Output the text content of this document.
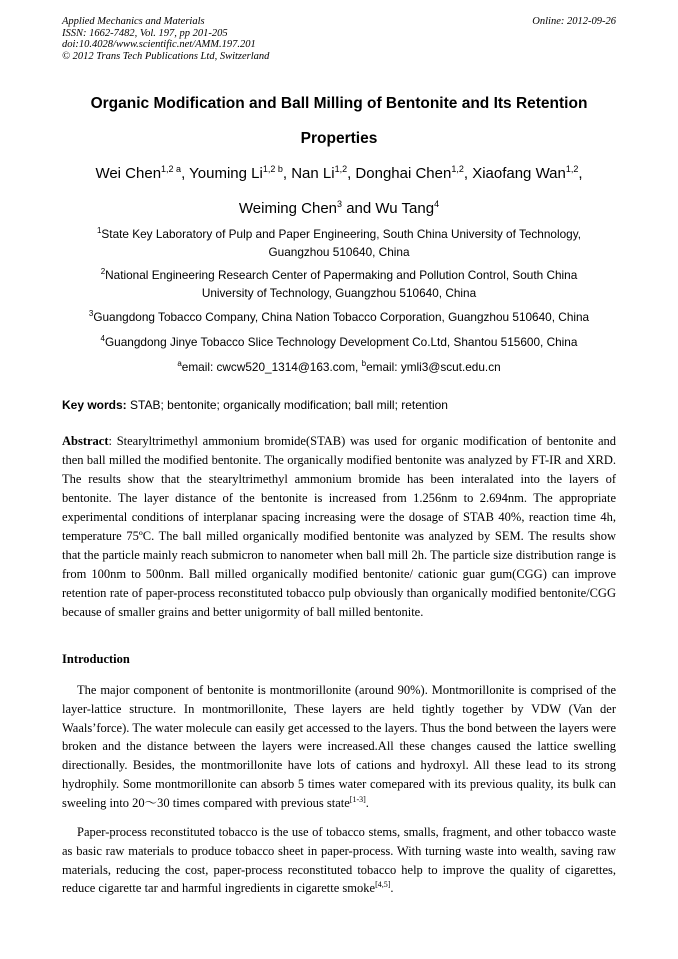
Applied Mechanics and Materials
ISSN: 1662-7482, Vol. 197, pp 201-205
doi:10.4028/www.scientific.net/AMM.197.201
© 2012 Trans Tech Publications Ltd, Switzerland
Online: 2012-09-26
Organic Modification and Ball Milling of Bentonite and Its Retention
Properties
Wei Chen$^{1,2 a}$, Youming $Li^{1,2 b}$, Nan Li$^{1,2}$, Donghai Chen$^{1,2}$, Xiaofang Wan$^{1,2}$,
Weiming Chen$^3$ and Wu Tang$^4$
$^1$State Key Laboratory of Pulp and Paper Engineering, South China University of Technology,
Guangzhou 510640, China
$^2$National Engineering Research Center of Papermaking and Pollution Control, South China
University of Technology, Guangzhou 510640, China
$^3$Guangdong Tobacco Company, China Nation Tobacco Corporation, Guangzhou 510640, China
$^4$Guangdong Jinye Tobacco Slice Technology Development Co.Ltd, Shantou 515600, China
$^a$email: cwcw520_1314@163.com, $^b$email: ymli3@scut.edu.cn
Key words: STAB; bentonite; organically modification; ball mill; retention
Abstract: Stearyltrimethyl ammonium bromide(STAB) was used for organic modification of bentonite and then ball milled the modified bentonite. The organically modified bentonite was analyzed by FT-IR and XRD. The results show that the stearyltrimethyl ammonium bromide has been interalated into the layers of bentonite. The layer distance of the bentonite is increased from 1.256nm to 2.694nm. The appropriate experimental conditions of interplanar spacing increasing were the dosage of STAB 40%, reaction time 4h, temperature 75ºC. The ball milled organically modified bentonite was analyzed by SEM. The results show that the particle mainly reach submicron to nanometer when ball mill 2h. The particle size distribution range is from 100nm to 500nm. Ball milled organically modified bentonite/ cationic guar gum(CGG) can improve retention rate of paper-process reconstituted tobacco pulp obviously than organically modified bentonite/CGG because of smaller grains and better unigormity of ball milled bentonite.
Introduction
The major component of bentonite is montmorillonite (around 90%). Montmorillonite is comprised of the layer-lattice structure. In montmorillonite, These layers are held tightly together by VDW (Van der Waals’force). The water molecule can easily get accessed to the layers. Thus the bond between the layers were broken and the distance between the layers were increased.All these changes caused the lattice swelling directionally. Besides, the montmorillonite have lots of cations and hydroxyl. All these lead to its strong hydrophily. Some montmorillonite can absorb 5 times water comepared with its previous quality, its bulk can sweeling into 20～30 times compared with previous state[1-3].
Paper-process reconstituted tobacco is the use of tobacco stems, smalls, fragment, and other tobacco waste as basic raw materials to produce tobacco sheet in paper-process. With turning waste into wealth, saving raw materials, reducing the cost, paper-process reconstituted tobacco help to improve the quality of cigarettes, reduce cigarette tar and harmful ingredients in cigarette smoke[4,5].
